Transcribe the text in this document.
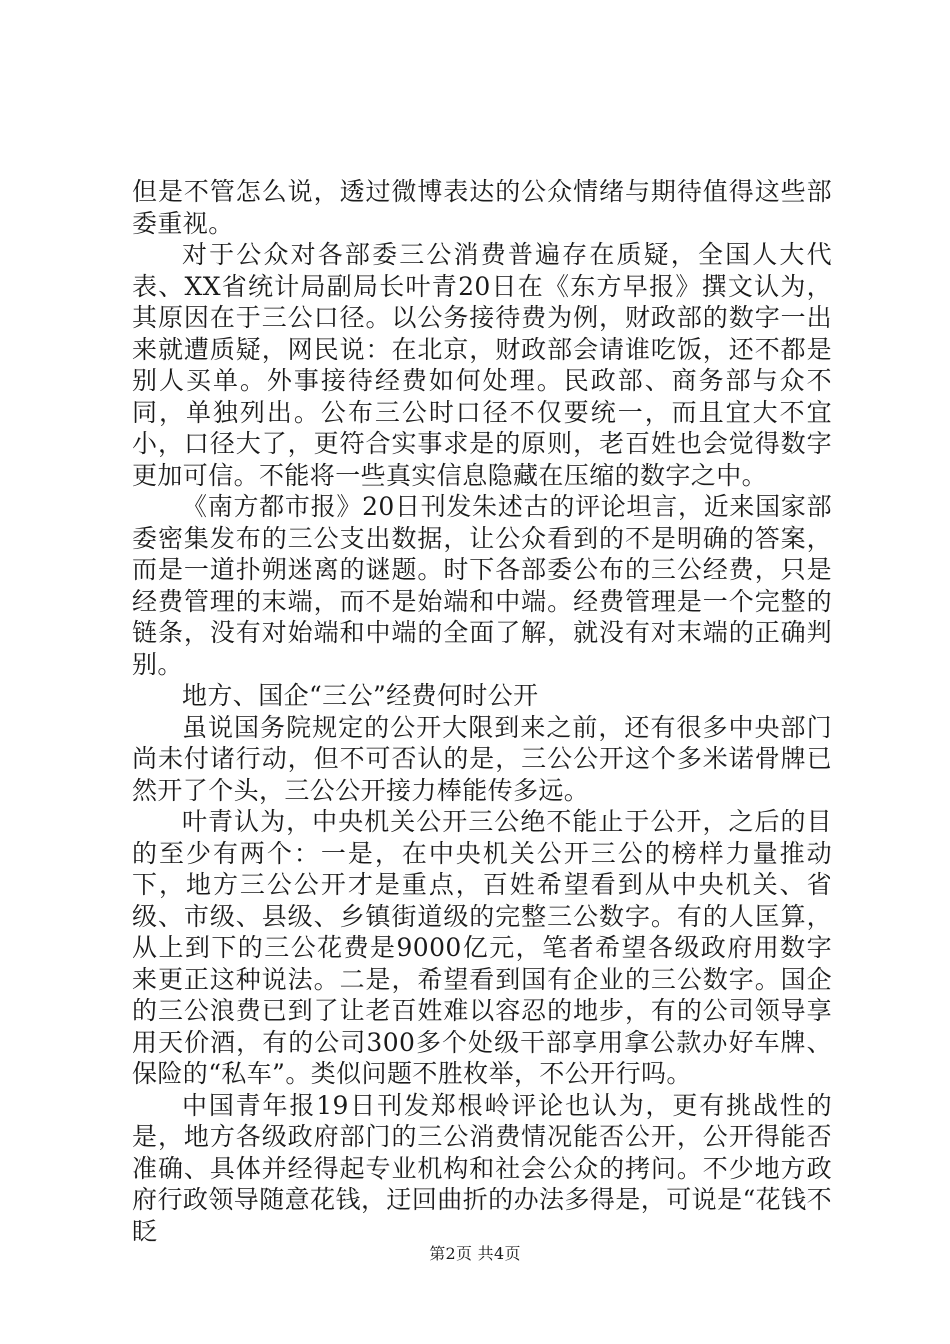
但是不管怎么说，透过微博表达的公众情绪与期待值得这些部委重视。

对于公众对各部委三公消费普遍存在质疑，全国人大代表、XX省统计局副局长叶青20日在《东方早报》撰文认为，其原因在于三公口径。以公务接待费为例，财政部的数字一出来就遭质疑，网民说：在北京，财政部会请谁吃饭，还不都是别人买单。外事接待经费如何处理。民政部、商务部与众不同，单独列出。公布三公时口径不仅要统一，而且宜大不宜小，口径大了，更符合实事求是的原则，老百姓也会觉得数字更加可信。不能将一些真实信息隐藏在压缩的数字之中。

《南方都市报》20日刊发朱述古的评论坦言，近来国家部委密集发布的三公支出数据，让公众看到的不是明确的答案，而是一道扑朔迷离的谜题。时下各部委公布的三公经费，只是经费管理的末端，而不是始端和中端。经费管理是一个完整的链条，没有对始端和中端的全面了解，就没有对末端的正确判别。

地方、国企“三公”经费何时公开

虽说国务院规定的公开大限到来之前，还有很多中央部门尚未付诸行动，但不可否认的是，三公公开这个多米诺骨牌已然开了个头，三公公开接力棒能传多远。

叶青认为，中央机关公开三公绝不能止于公开，之后的目的至少有两个：一是，在中央机关公开三公的榜样力量推动下，地方三公公开才是重点，百姓希望看到从中央机关、省级、市级、县级、乡镇街道级的完整三公数字。有的人匡算，从上到下的三公花费是9000亿元，笔者希望各级政府用数字来更正这种说法。二是，希望看到国有企业的三公数字。国企的三公浪费已到了让老百姓难以容忍的地步，有的公司领导享用天价酒，有的公司300多个处级干部享用拿公款办好车牌、保险的“私车”。类似问题不胜枚举，不公开行吗。

中国青年报19日刊发郑根岭评论也认为，更有挑战性的是，地方各级政府部门的三公消费情况能否公开，公开得能否准确、具体并经得起专业机构和社会公众的拷问。不少地方政府行政领导随意花钱，迂回曲折的办法多得是，可说是“花钱不眨

第2页 共4页
